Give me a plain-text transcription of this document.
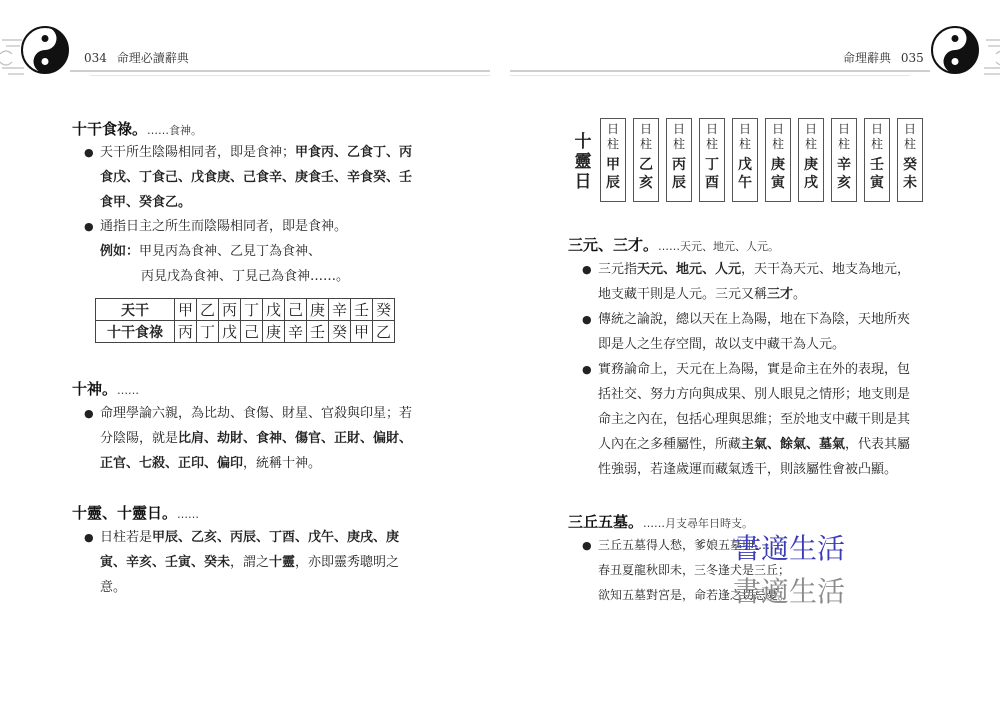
034 命理必讀辭典
十干食祿。……食神。
● 天干所生陰陽相同者，即是食神；甲食丙、乙食丁、丙
食戊、丁食己、戊食庚、己食辛、庚食壬、辛食癸、壬
食甲、癸食乙。
● 通指日主之所生而陰陽相同者，即是食神。
例如：甲見丙為食神、乙見丁為食神、
丙見戊為食神、丁見己為食神……。
天干	甲	乙	丙	丁	戊	己	庚	辛	壬	癸
十干食祿	丙	丁	戊	己	庚	辛	壬	癸	甲	乙
十神。……
● 命理學論六親，為比劫、食傷、財星、官殺與印星；若
分陰陽，就是比肩、劫財、食神、傷官、正財、偏財、
正官、七殺、正印、偏印，統稱十神。
十靈、十靈日。……
● 日柱若是甲辰、乙亥、丙辰、丁酉、戊午、庚戌、庚
寅、辛亥、壬寅、癸未，謂之十靈，亦即靈秀聰明之
意。
命理辭典 035
十
靈
日
日柱
甲辰
日柱
乙亥
日柱
丙辰
日柱
丁酉
日柱
戊午
日柱
庚寅
日柱
庚戌
日柱
辛亥
日柱
壬寅
日柱
癸未
三元、三才。……天元、地元、人元。
● 三元指天元、地元、人元，天干為天元、地支為地元，
地支藏干則是人元。三元又稱三才。
● 傳統之論說，總以天在上為陽，地在下為陰，天地所夾
即是人之生存空間，故以支中藏干為人元。
● 實務論命上，天元在上為陽，實是命主在外的表現，包
括社交、努力方向與成果、別人眼見之情形；地支則是
命主之內在，包括心理與思維；至於地支中藏干則是其
人內在之多種屬性，所藏主氣、餘氣、墓氣，代表其屬
性強弱，若逢歲運而藏氣透干，則該屬性會被凸顯。
三丘五墓。……月支尋年日時支。
● 三丘五墓得人愁，爹娘五墓卯……
春丑夏龍秋即未，三冬逢犬是三丘；
欲知五墓對宮是，命若逢之切忌憂。
書適生活
書適生活
